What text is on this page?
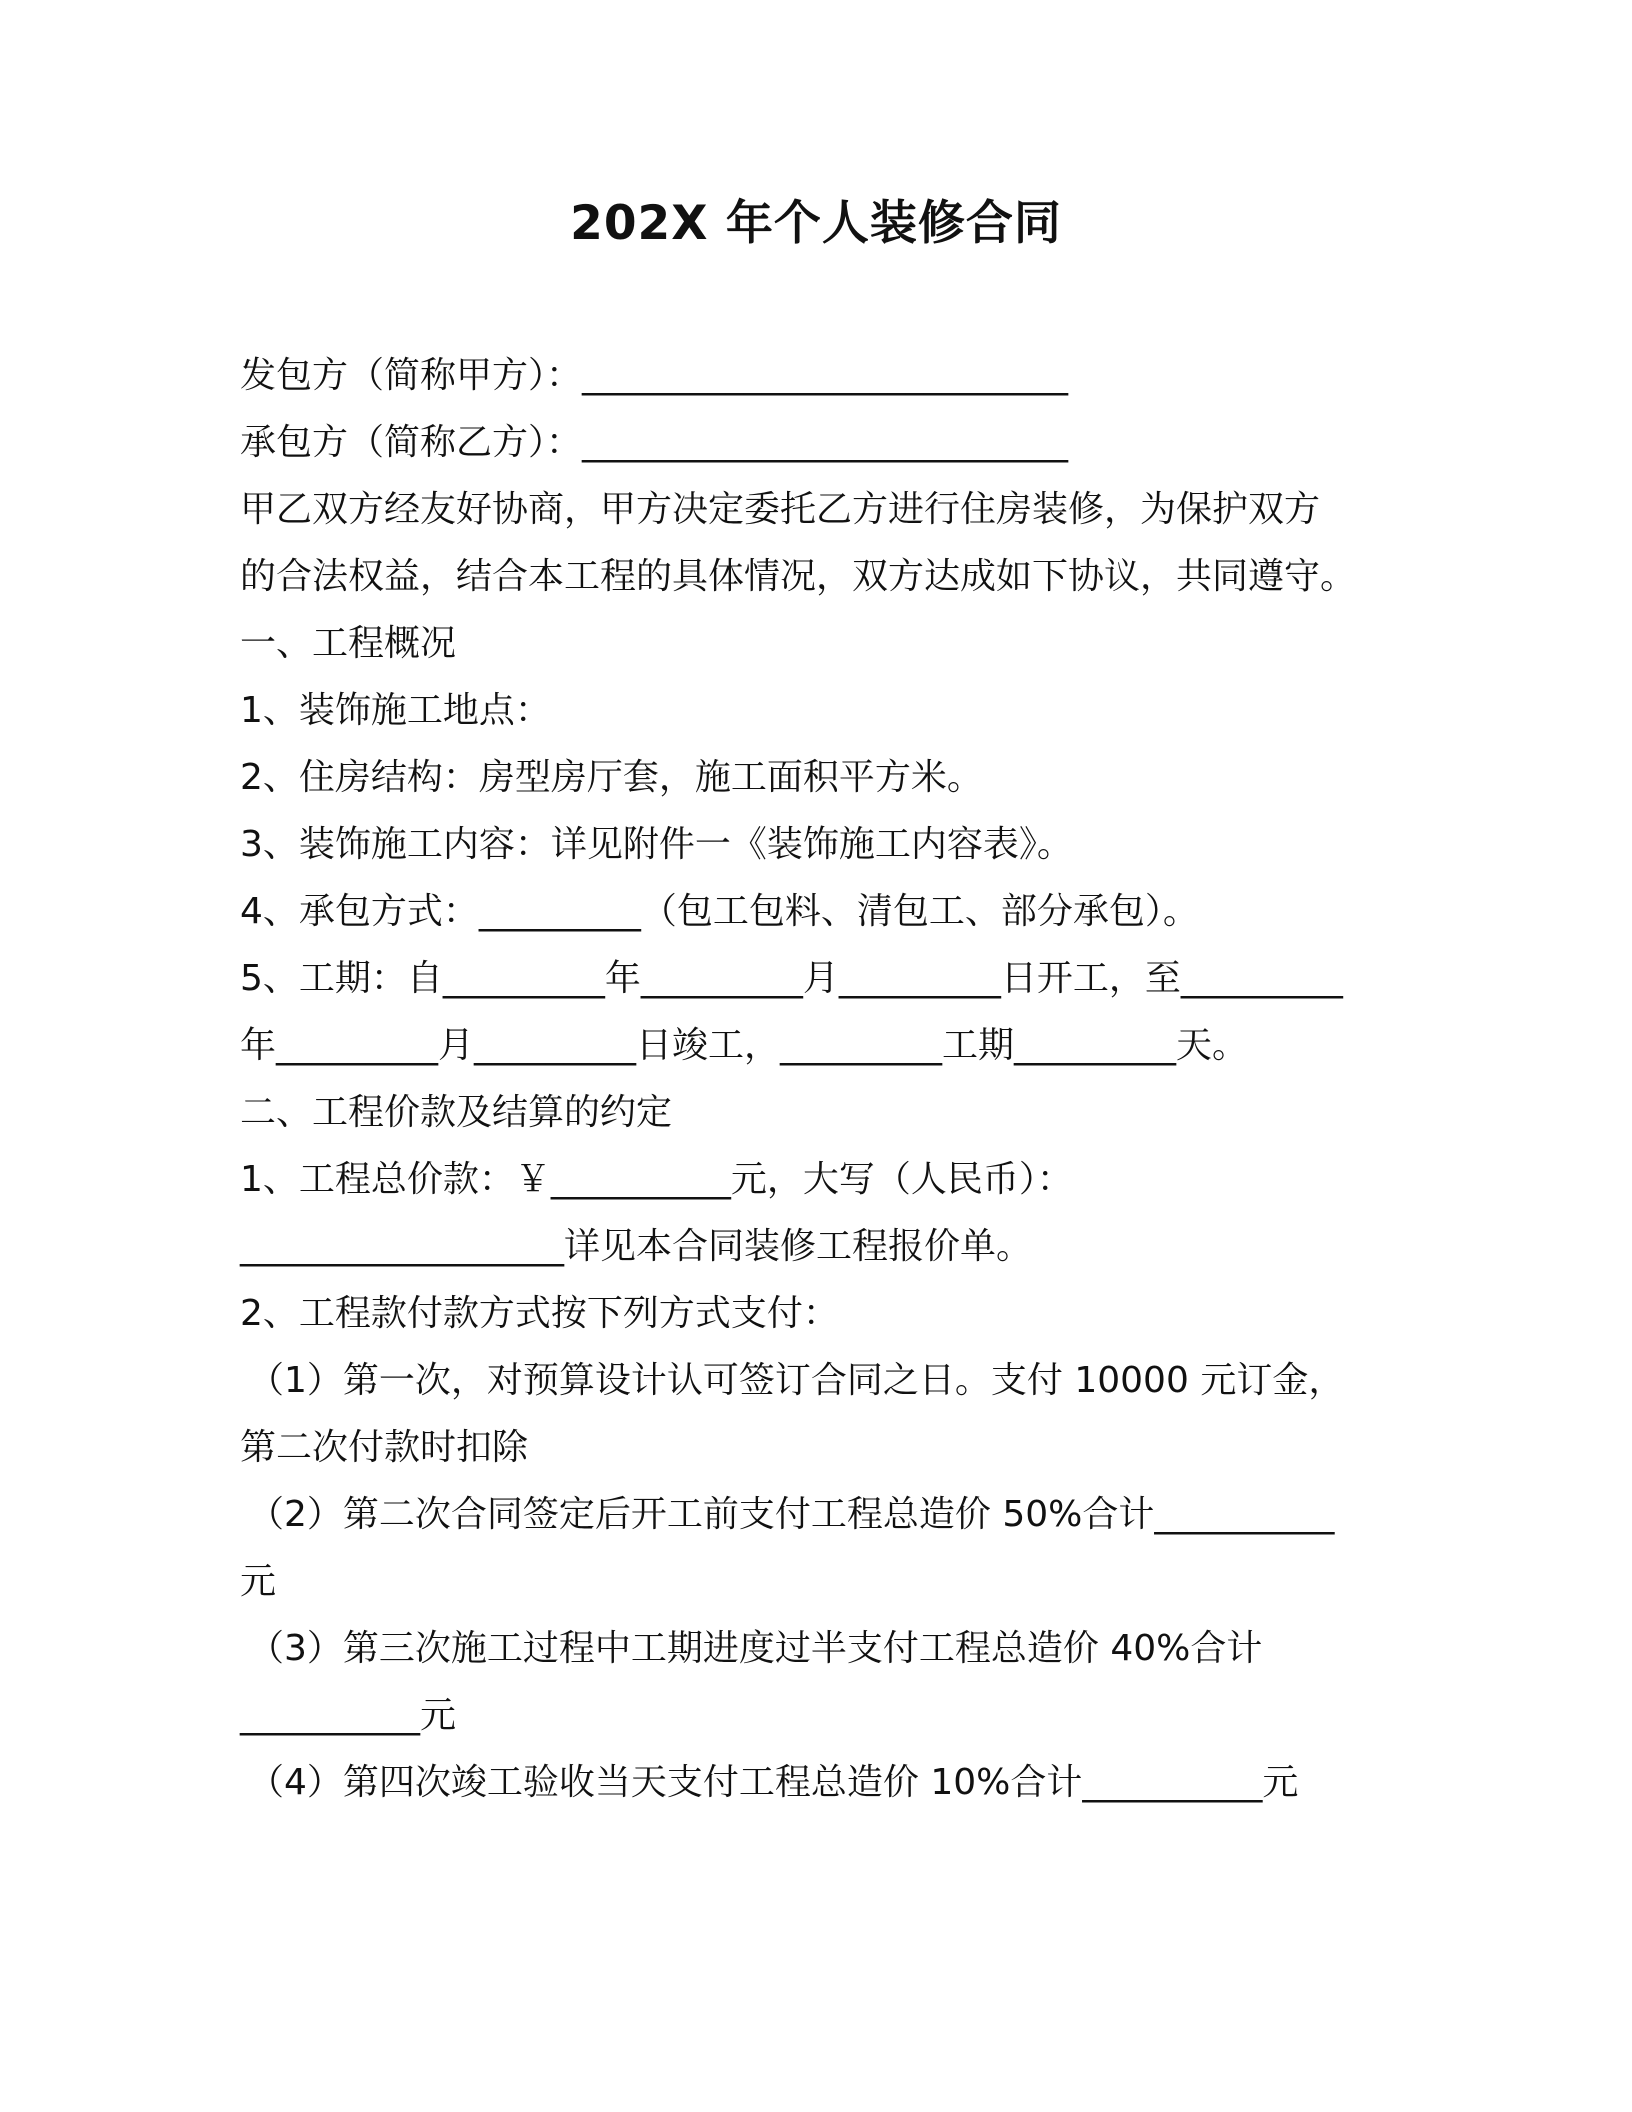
202X 年个人装修合同

发包方（简称甲方）：___________________________

承包方（简称乙方）：___________________________

甲乙双方经友好协商，甲方决定委托乙方进行住房装修，为保护双方

的合法权益，结合本工程的具体情况，双方达成如下协议，共同遵守。

一、工程概况

1、装饰施工地点：

2、住房结构：房型房厅套，施工面积平方米。

3、装饰施工内容：详见附件一《装饰施工内容表》。

4、承包方式：_________（包工包料、清包工、部分承包）。

5、工期：自_________年_________月_________日开工，至_________

年_________月_________日竣工，_________工期_________天。

二、工程价款及结算的约定

1、工程总价款：￥__________元，大写（人民币）：

__________________详见本合同装修工程报价单。

2、工程款付款方式按下列方式支付：

（1）第一次，对预算设计认可签订合同之日。支付 10000 元订金，

第二次付款时扣除

（2）第二次合同签定后开工前支付工程总造价 50%合计__________

元

（3）第三次施工过程中工期进度过半支付工程总造价 40%合计

__________元

（4）第四次竣工验收当天支付工程总造价 10%合计__________元
